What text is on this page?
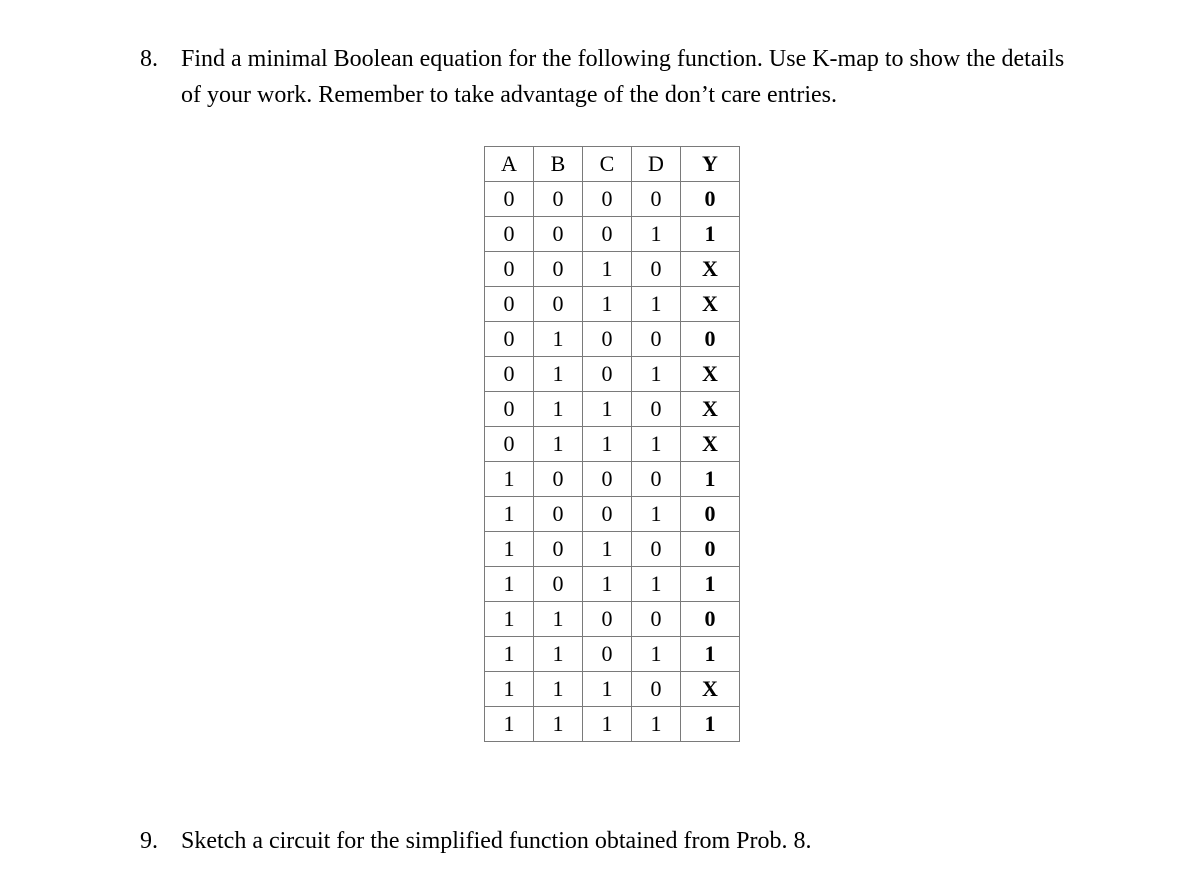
8. Find a minimal Boolean equation for the following function. Use K-map to show the details of your work. Remember to take advantage of the don’t care entries.
A	B	C	D	Y
0	0	0	0	0
0	0	0	1	1
0	0	1	0	X
0	0	1	1	X
0	1	0	0	0
0	1	0	1	X
0	1	1	0	X
0	1	1	1	X
1	0	0	0	1
1	0	0	1	0
1	0	1	0	0
1	0	1	1	1
1	1	0	0	0
1	1	0	1	1
1	1	1	0	X
1	1	1	1	1
9. Sketch a circuit for the simplified function obtained from Prob. 8.
